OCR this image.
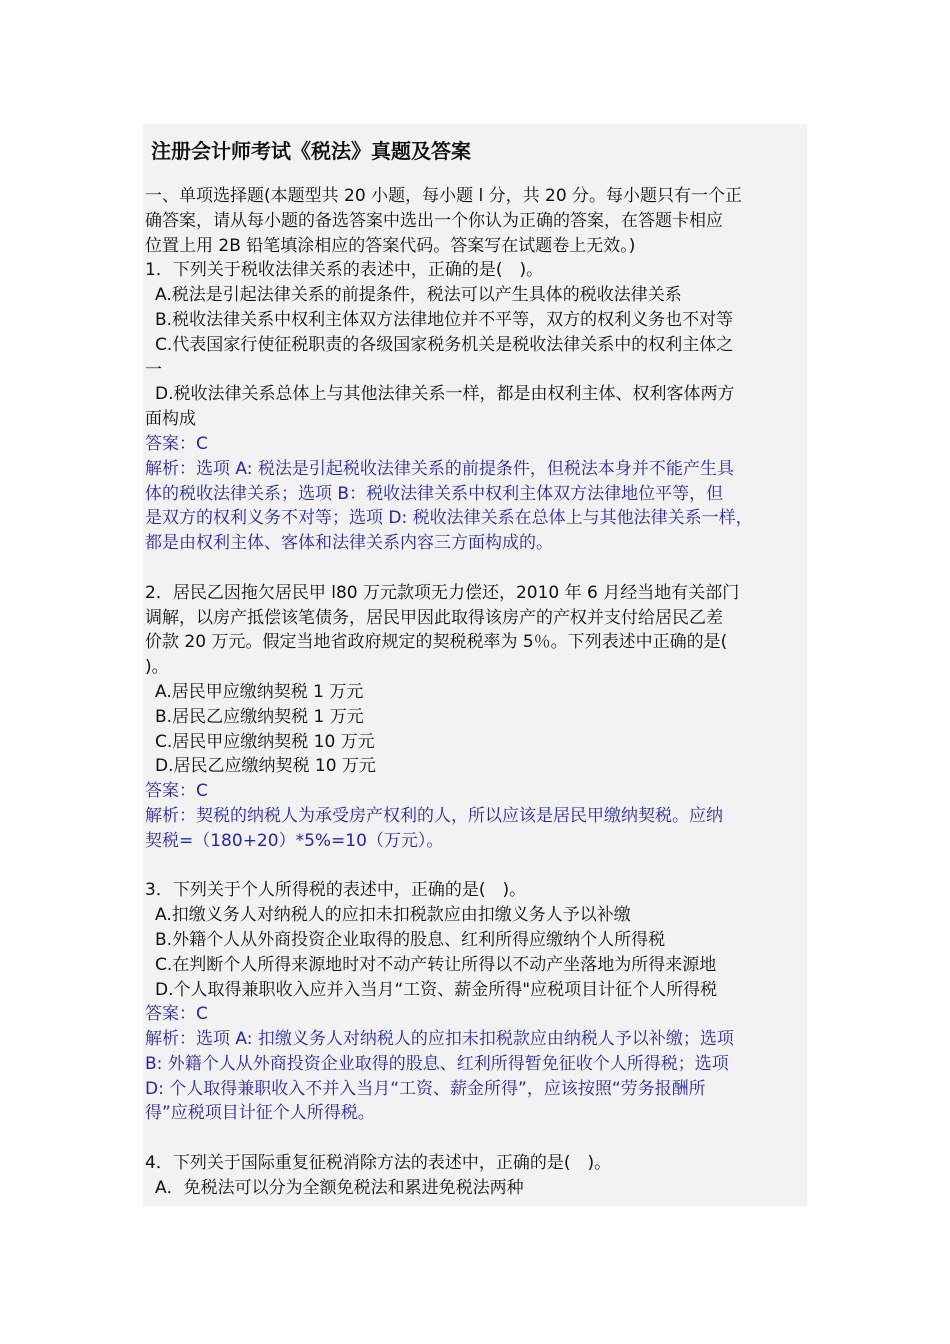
注册会计师考试《税法》真题及答案
一、单项选择题(本题型共 20 小题，每小题 l 分，共 20 分。每小题只有一个正
确答案，请从每小题的备选答案中选出一个你认为正确的答案，在答题卡相应
位置上用 2B 铅笔填涂相应的答案代码。答案写在试题卷上无效。)
1．下列关于税收法律关系的表述中，正确的是(　)。
A.税法是引起法律关系的前提条件，税法可以产生具体的税收法律关系
B.税收法律关系中权利主体双方法律地位并不平等，双方的权利义务也不对等
C.代表国家行使征税职责的各级国家税务机关是税收法律关系中的权利主体之
一
D.税收法律关系总体上与其他法律关系一样，都是由权利主体、权利客体两方
面构成
答案：C
解析：选项 A: 税法是引起税收法律关系的前提条件，但税法本身并不能产生具
体的税收法律关系；选项 B：税收法律关系中权利主体双方法律地位平等，但
是双方的权利义务不对等；选项 D: 税收法律关系在总体上与其他法律关系一样，
都是由权利主体、客体和法律关系内容三方面构成的。
2．居民乙因拖欠居民甲 l80 万元款项无力偿还，2010 年 6 月经当地有关部门
调解，以房产抵偿该笔债务，居民甲因此取得该房产的产权并支付给居民乙差
价款 20 万元。假定当地省政府规定的契税税率为 5％。下列表述中正确的是(
)。
A.居民甲应缴纳契税 1 万元
B.居民乙应缴纳契税 1 万元
C.居民甲应缴纳契税 10 万元
D.居民乙应缴纳契税 10 万元
答案：C
解析：契税的纳税人为承受房产权利的人，所以应该是居民甲缴纳契税。应纳
契税=（180+20）*5%=10（万元）。
3．下列关于个人所得税的表述中，正确的是(　)。
A.扣缴义务人对纳税人的应扣未扣税款应由扣缴义务人予以补缴
B.外籍个人从外商投资企业取得的股息、红利所得应缴纳个人所得税
C.在判断个人所得来源地时对不动产转让所得以不动产坐落地为所得来源地
D.个人取得兼职收入应并入当月“工资、薪金所得"应税项目计征个人所得税
答案：C
解析：选项 A: 扣缴义务人对纳税人的应扣未扣税款应由纳税人予以补缴；选项
B: 外籍个人从外商投资企业取得的股息、红利所得暂免征收个人所得税；选项
D: 个人取得兼职收入不并入当月“工资、薪金所得”，应该按照“劳务报酬所
得”应税项目计征个人所得税。
4．下列关于国际重复征税消除方法的表述中，正确的是(　)。
A．免税法可以分为全额免税法和累进免税法两种
